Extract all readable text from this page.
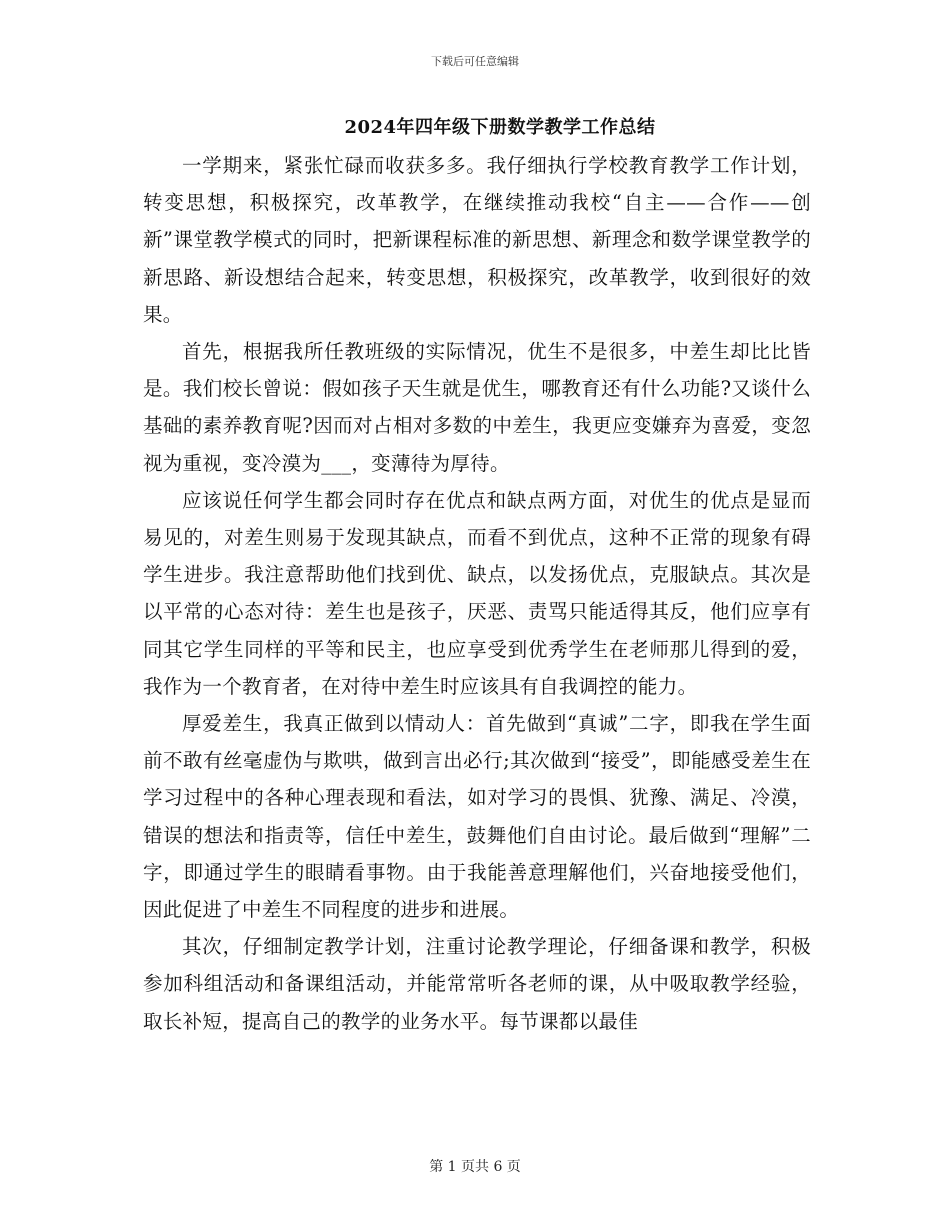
下载后可任意编辑
2024年四年级下册数学教学工作总结

一学期来，紧张忙碌而收获多多。我仔细执行学校教育教学工作计划，转变思想，积极探究，改革教学，在继续推动我校“自主——合作——创新”课堂教学模式的同时，把新课程标准的新思想、新理念和数学课堂教学的新思路、新设想结合起来，转变思想，积极探究，改革教学，收到很好的效果。

首先，根据我所任教班级的实际情况，优生不是很多，中差生却比比皆是。我们校长曾说：假如孩子天生就是优生，哪教育还有什么功能?又谈什么基础的素养教育呢?因而对占相对多数的中差生，我更应变嫌弃为喜爱，变忽视为重视，变冷漠为___，变薄待为厚待。

应该说任何学生都会同时存在优点和缺点两方面，对优生的优点是显而易见的，对差生则易于发现其缺点，而看不到优点，这种不正常的现象有碍学生进步。我注意帮助他们找到优、缺点，以发扬优点，克服缺点。其次是以平常的心态对待：差生也是孩子，厌恶、责骂只能适得其反，他们应享有同其它学生同样的平等和民主，也应享受到优秀学生在老师那儿得到的爱，我作为一个教育者，在对待中差生时应该具有自我调控的能力。

厚爱差生，我真正做到以情动人：首先做到“真诚”二字，即我在学生面前不敢有丝毫虚伪与欺哄，做到言出必行;其次做到“接受”，即能感受差生在学习过程中的各种心理表现和看法，如对学习的畏惧、犹豫、满足、冷漠，错误的想法和指责等，信任中差生，鼓舞他们自由讨论。最后做到“理解”二字，即通过学生的眼睛看事物。由于我能善意理解他们，兴奋地接受他们，因此促进了中差生不同程度的进步和进展。

其次，仔细制定教学计划，注重讨论教学理论，仔细备课和教学，积极参加科组活动和备课组活动，并能常常听各老师的课，从中吸取教学经验，取长补短，提高自己的教学的业务水平。每节课都以最佳

第 1 页共 6 页
